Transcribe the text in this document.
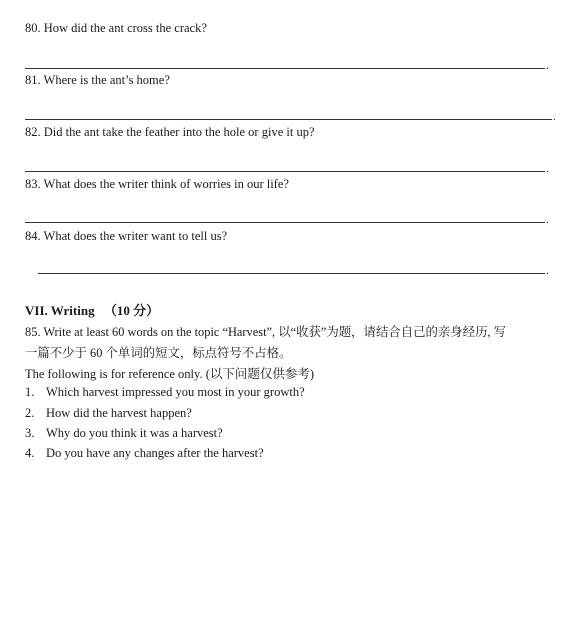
80. How did the ant cross the crack?
.
81. Where is the ant’s home?
.
82. Did the ant take the feather into the hole or give it up?
.
83. What does the writer think of worries in our life?
.
84. What does the writer want to tell us?
.
VII. Writing （10 分）
85. Write at least 60 words on the topic “Harvest”, 以“收获”为题，请结合自己的亲身经历, 写
一篇不少于 60 个单词的短文，标点符号不占格。
The following is for reference only. (以下问题仅供参考)
1. Which harvest impressed you most in your growth?
2. How did the harvest happen?
3. Why do you think it was a harvest?
4. Do you have any changes after the harvest?
